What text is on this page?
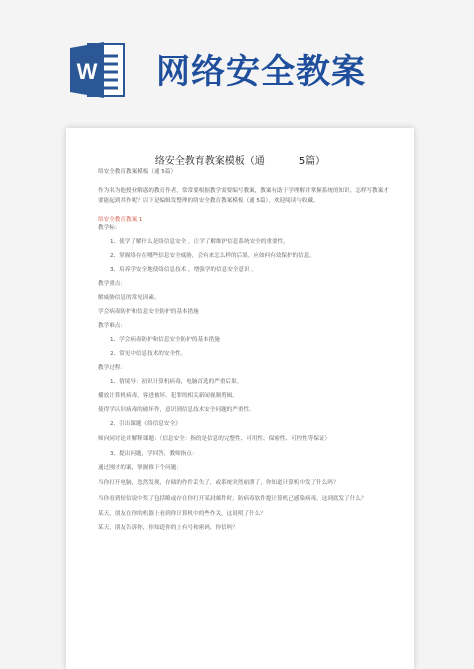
W 网络安全教案
络安全教育教案模板（通	5篇）
络安全教育教案模板（通 5篇）
作为名为他授业解惑的教育作者，常常要根据教学需要编写教案，教案有助于学理解并掌握系统的知识。怎样写教案才要能起到其作呢？以下是编辑发整理的络安全教育教案模板（通 5篇），欢迎阅读与收藏。
络安全教育教案 1
教学标：
1、使学了解什么是络信息安全 ，让学了解维护信息系统安全的重要性。
2、掌握络存在哪些信息安全威胁，会有来怎么样的后果。应如何有效保护的信息。
3、培养学安全地使络信息技术 ，增强学的信息安全意识 。
教学重点：
解威胁信息的常见因素。
学会病毒防护和信息安全防护的基本措施
教学难点：
1、学会病毒防护和信息安全防护的基本措施
2、常见中信息技术的安全性。
教学过程：
1、情境导：初识计算机病毒，电脑首选的严重后果。
播放计算机病毒，客进被坏，犯罪的相关新闻视频剪辑。
使得学认识病毒的破坏作，意识到信息技术安全问题的严重性。
2、引出课题《络信息安全》
师向同讨论并解释课题：（信息安全：指的是信息的完整性、可用性、保密性、可控性等保证）
3、提出问题，学回答，教师指点：
通过刚才的案，掌握推下个问题：
当你打开电脑，忽然发现，存储的作件丢失了，或系统突然崩溃了，你知道计算机中发了什么吗？
当你看到短信说中奖了包括略或存在你打开某封邮件时，防病毒软件提计算机已感染病毒，这到底发了什么？
某天，朋友在你的机器上看到你计算机中的些作关，这说明了什么？
某天，朋友告诉你，你知道你的上有号和密码，你信吗？
